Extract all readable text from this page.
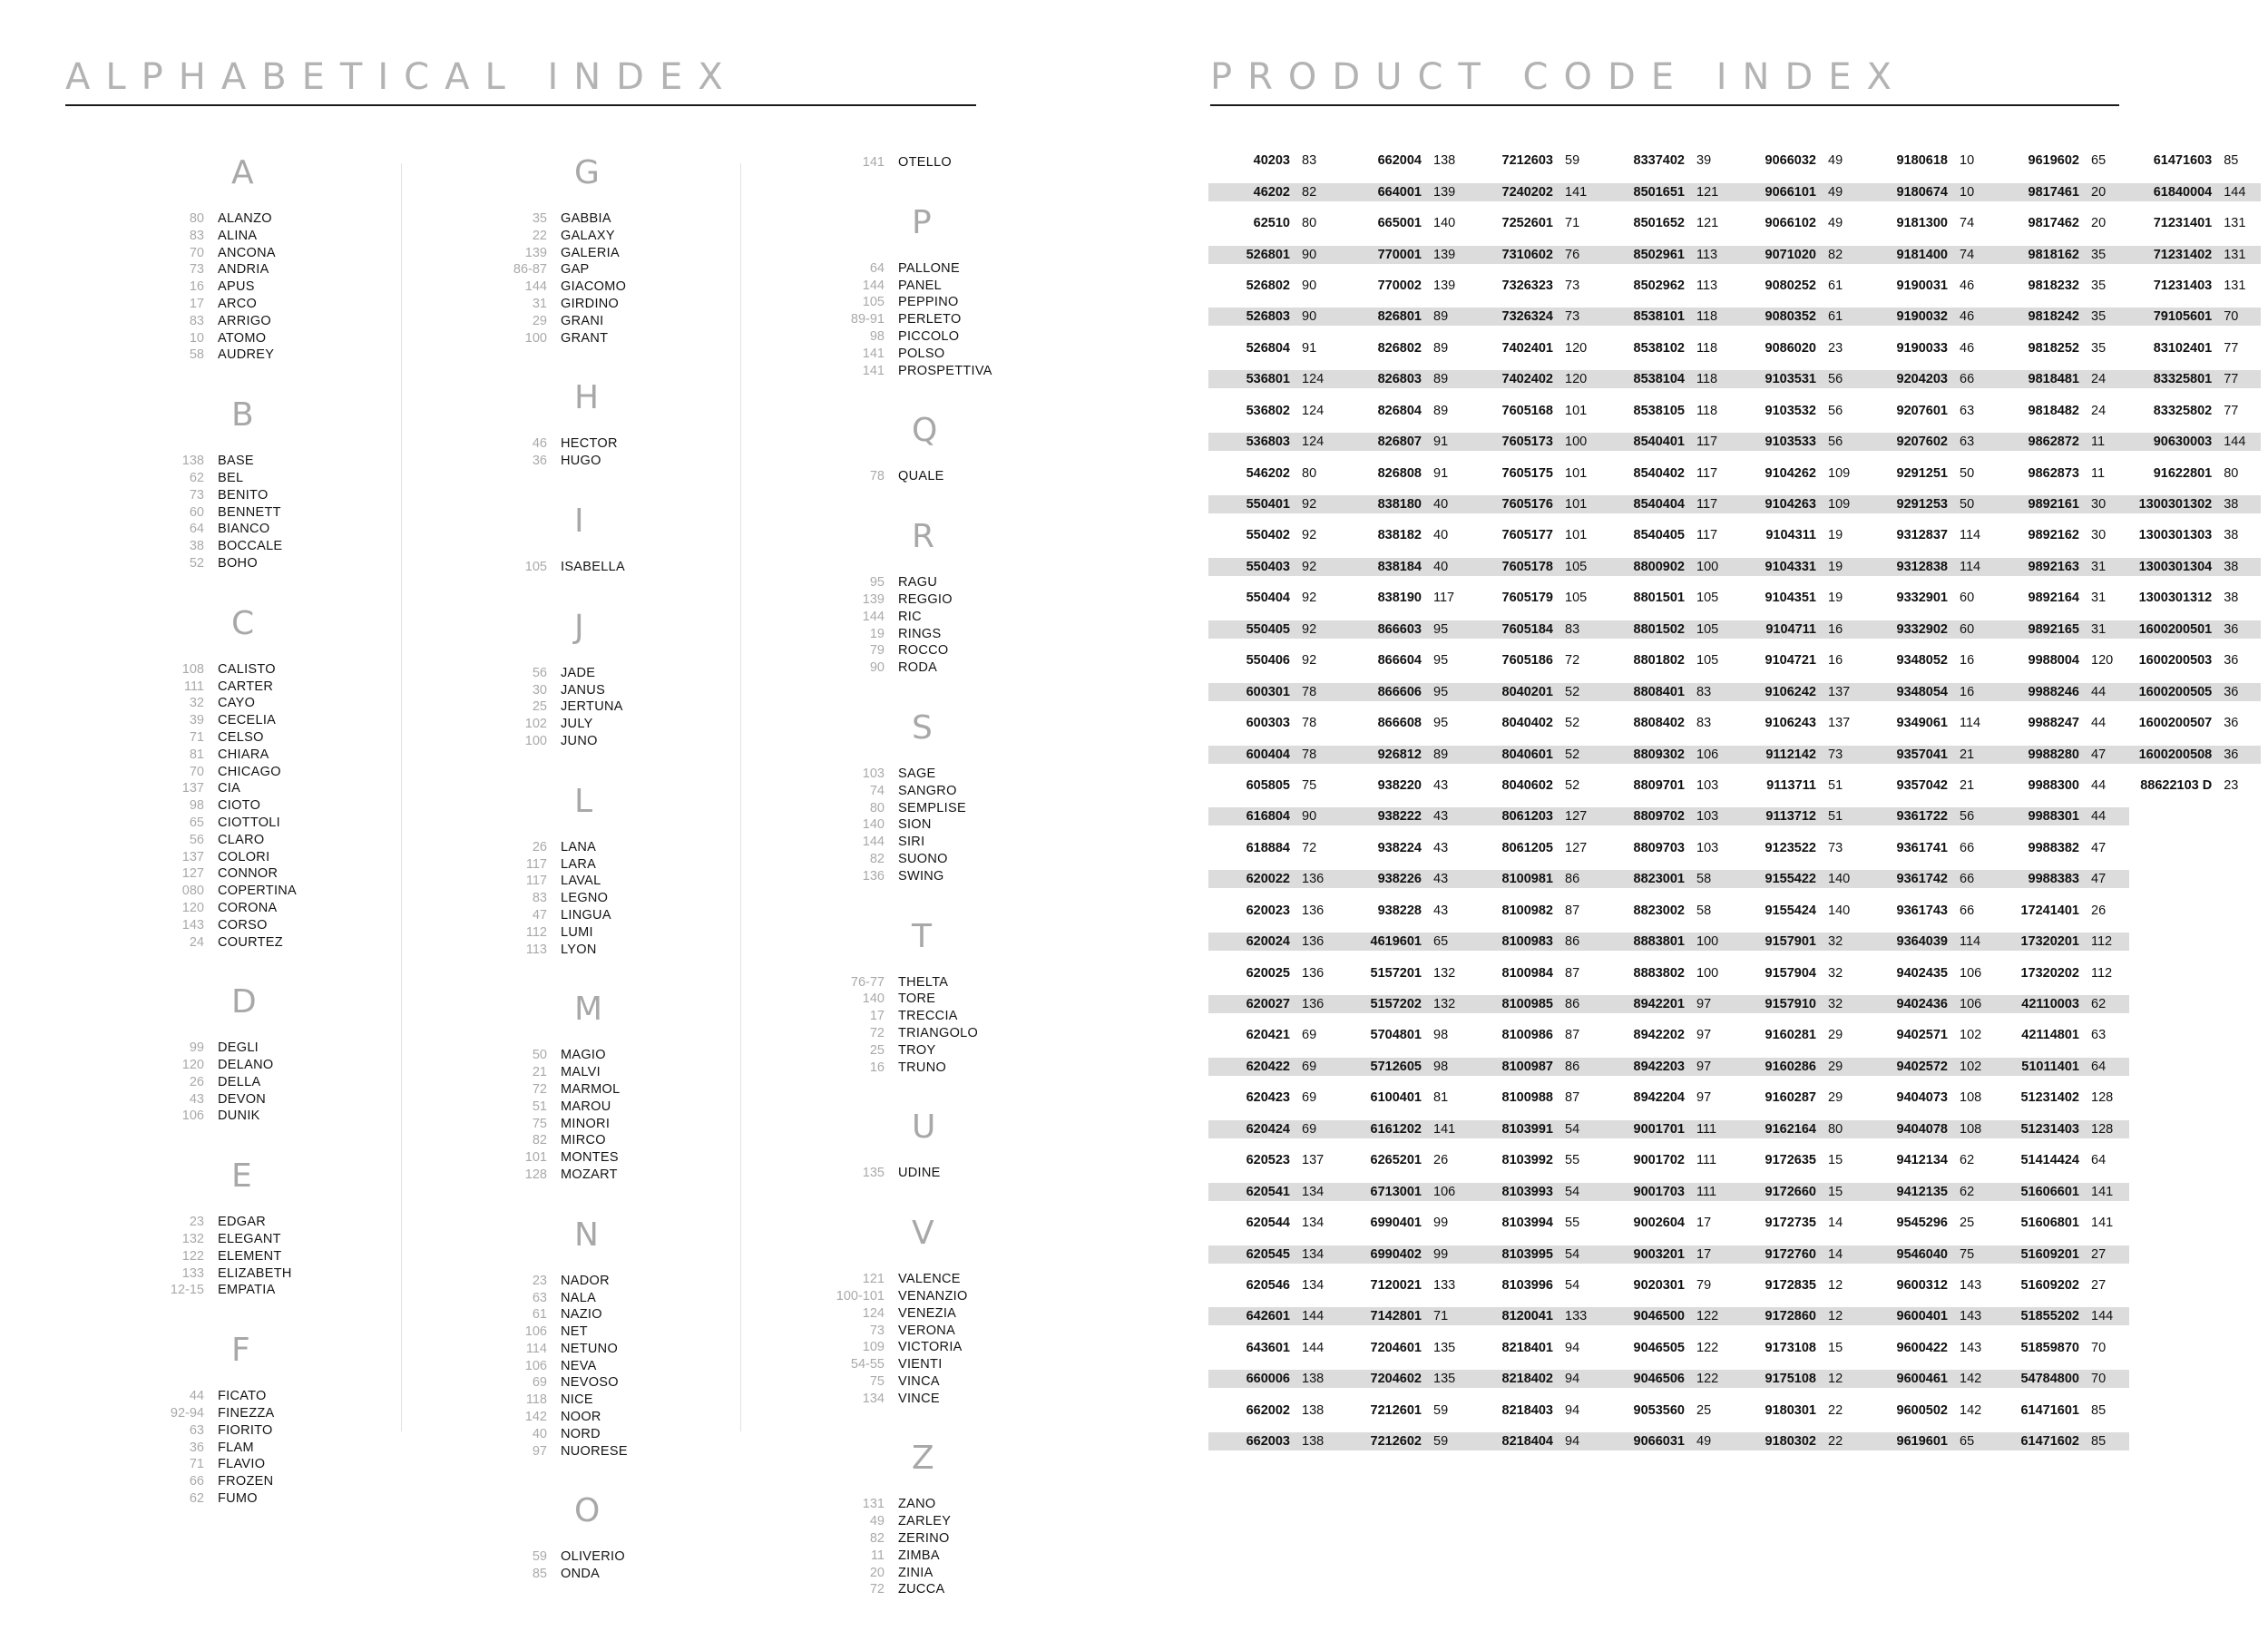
ALPHABETICAL INDEX	PRODUCT CODE INDEX
A
80	ALANZO
83	ALINA
70	ANCONA
73	ANDRIA
16	APUS
17	ARCO
83	ARRIGO
10	ATOMO
58	AUDREY
B
138	BASE
62	BEL
73	BENITO
60	BENNETT
64	BIANCO
38	BOCCALE
52	BOHO
C
108	CALISTO
111	CARTER
32	CAYO
39	CECELIA
71	CELSO
81	CHIARA
70	CHICAGO
137	CIA
98	CIOTO
65	CIOTTOLI
56	CLARO
137	COLORI
127	CONNOR
080	COPERTINA
120	CORONA
143	CORSO
24	COURTEZ
D
99	DEGLI
120	DELANO
26	DELLA
43	DEVON
106	DUNIK
E
23	EDGAR
132	ELEGANT
122	ELEMENT
133	ELIZABETH
12-15	EMPATIA
F
44	FICATO
92-94	FINEZZA
63	FIORITO
36	FLAM
71	FLAVIO
66	FROZEN
62	FUMO
G
35	GABBIA
22	GALAXY
139	GALERIA
86-87	GAP
144	GIACOMO
31	GIRDINO
29	GRANI
100	GRANT
H
46	HECTOR
36	HUGO
I
105	ISABELLA
J
56	JADE
30	JANUS
25	JERTUNA
102	JULY
100	JUNO
L
26	LANA
117	LARA
117	LAVAL
83	LEGNO
47	LINGUA
112	LUMI
113	LYON
M
50	MAGIO
21	MALVI
72	MARMOL
51	MAROU
75	MINORI
82	MIRCO
101	MONTES
128	MOZART
N
23	NADOR
63	NALA
61	NAZIO
106	NET
114	NETUNO
106	NEVA
69	NEVOSO
118	NICE
142	NOOR
40	NORD
97	NUORESE
O
59	OLIVERIO
85	ONDA
141	OTELLO
P
64	PALLONE
144	PANEL
105	PEPPINO
89-91	PERLETO
98	PICCOLO
141	POLSO
141	PROSPETTIVA
Q
78	QUALE
R
95	RAGU
139	REGGIO
144	RIC
19	RINGS
79	ROCCO
90	RODA
S
103	SAGE
74	SANGRO
80	SEMPLISE
140	SION
144	SIRI
82	SUONO
136	SWING
T
76-77	THELTA
140	TORE
17	TRECCIA
72	TRIANGOLO
25	TROY
16	TRUNO
U
135	UDINE
V
121	VALENCE
100-101	VENANZIO
124	VENEZIA
73	VERONA
109	VICTORIA
54-55	VIENTI
75	VINCA
134	VINCE
Z
131	ZANO
49	ZARLEY
82	ZERINO
11	ZIMBA
20	ZINIA
72	ZUCCA
40203 83	662004 138	7212603 59	8337402 39	9066032 49	9180618 10	9619602 65	61471603 85
46202 82	664001 139	7240202 141	8501651 121	9066101 49	9180674 10	9817461 20	61840004 144
62510 80	665001 140	7252601 71	8501652 121	9066102 49	9181300 74	9817462 20	71231401 131
526801 90	770001 139	7310602 76	8502961 113	9071020 82	9181400 74	9818162 35	71231402 131
526802 90	770002 139	7326323 73	8502962 113	9080252 61	9190031 46	9818232 35	71231403 131
526803 90	826801 89	7326324 73	8538101 118	9080352 61	9190032 46	9818242 35	79105601 70
526804 91	826802 89	7402401 120	8538102 118	9086020 23	9190033 46	9818252 35	83102401 77
536801 124	826803 89	7402402 120	8538104 118	9103531 56	9204203 66	9818481 24	83325801 77
536802 124	826804 89	7605168 101	8538105 118	9103532 56	9207601 63	9818482 24	83325802 77
536803 124	826807 91	7605173 100	8540401 117	9103533 56	9207602 63	9862872 11	90630003 144
546202 80	826808 91	7605175 101	8540402 117	9104262 109	9291251 50	9862873 11	91622801 80
550401 92	838180 40	7605176 101	8540404 117	9104263 109	9291253 50	9892161 30	1300301302 38
550402 92	838182 40	7605177 101	8540405 117	9104311 19	9312837 114	9892162 30	1300301303 38
550403 92	838184 40	7605178 105	8800902 100	9104331 19	9312838 114	9892163 31	1300301304 38
550404 92	838190 117	7605179 105	8801501 105	9104351 19	9332901 60	9892164 31	1300301312 38
550405 92	866603 95	7605184 83	8801502 105	9104711 16	9332902 60	9892165 31	1600200501 36
550406 92	866604 95	7605186 72	8801802 105	9104721 16	9348052 16	9988004 120	1600200503 36
600301 78	866606 95	8040201 52	8808401 83	9106242 137	9348054 16	9988246 44	1600200505 36
600303 78	866608 95	8040402 52	8808402 83	9106243 137	9349061 114	9988247 44	1600200507 36
600404 78	926812 89	8040601 52	8809302 106	9112142 73	9357041 21	9988280 47	1600200508 36
605805 75	938220 43	8040602 52	8809701 103	9113711 51	9357042 21	9988300 44	88622103 D 23
616804 90	938222 43	8061203 127	8809702 103	9113712 51	9361722 56	9988301 44
618884 72	938224 43	8061205 127	8809703 103	9123522 73	9361741 66	9988382 47
620022 136	938226 43	8100981 86	8823001 58	9155422 140	9361742 66	9988383 47
620023 136	938228 43	8100982 87	8823002 58	9155424 140	9361743 66	17241401 26
620024 136	4619601 65	8100983 86	8883801 100	9157901 32	9364039 114	17320201 112
620025 136	5157201 132	8100984 87	8883802 100	9157904 32	9402435 106	17320202 112
620027 136	5157202 132	8100985 86	8942201 97	9157910 32	9402436 106	42110003 62
620421 69	5704801 98	8100986 87	8942202 97	9160281 29	9402571 102	42114801 63
620422 69	5712605 98	8100987 86	8942203 97	9160286 29	9402572 102	51011401 64
620423 69	6100401 81	8100988 87	8942204 97	9160287 29	9404073 108	51231402 128
620424 69	6161202 141	8103991 54	9001701 111	9162164 80	9404078 108	51231403 128
620523 137	6265201 26	8103992 55	9001702 111	9172635 15	9412134 62	51414424 64
620541 134	6713001 106	8103993 54	9001703 111	9172660 15	9412135 62	51606601 141
620544 134	6990401 99	8103994 55	9002604 17	9172735 14	9545296 25	51606801 141
620545 134	6990402 99	8103995 54	9003201 17	9172760 14	9546040 75	51609201 27
620546 134	7120021 133	8103996 54	9020301 79	9172835 12	9600312 143	51609202 27
642601 144	7142801 71	8120041 133	9046500 122	9172860 12	9600401 143	51855202 144
643601 144	7204601 135	8218401 94	9046505 122	9173108 15	9600422 143	51859870 70
660006 138	7204602 135	8218402 94	9046506 122	9175108 12	9600461 142	54784800 70
662002 138	7212601 59	8218403 94	9053560 25	9180301 22	9600502 142	61471601 85
662003 138	7212602 59	8218404 94	9066031 49	9180302 22	9619601 65	61471602 85
